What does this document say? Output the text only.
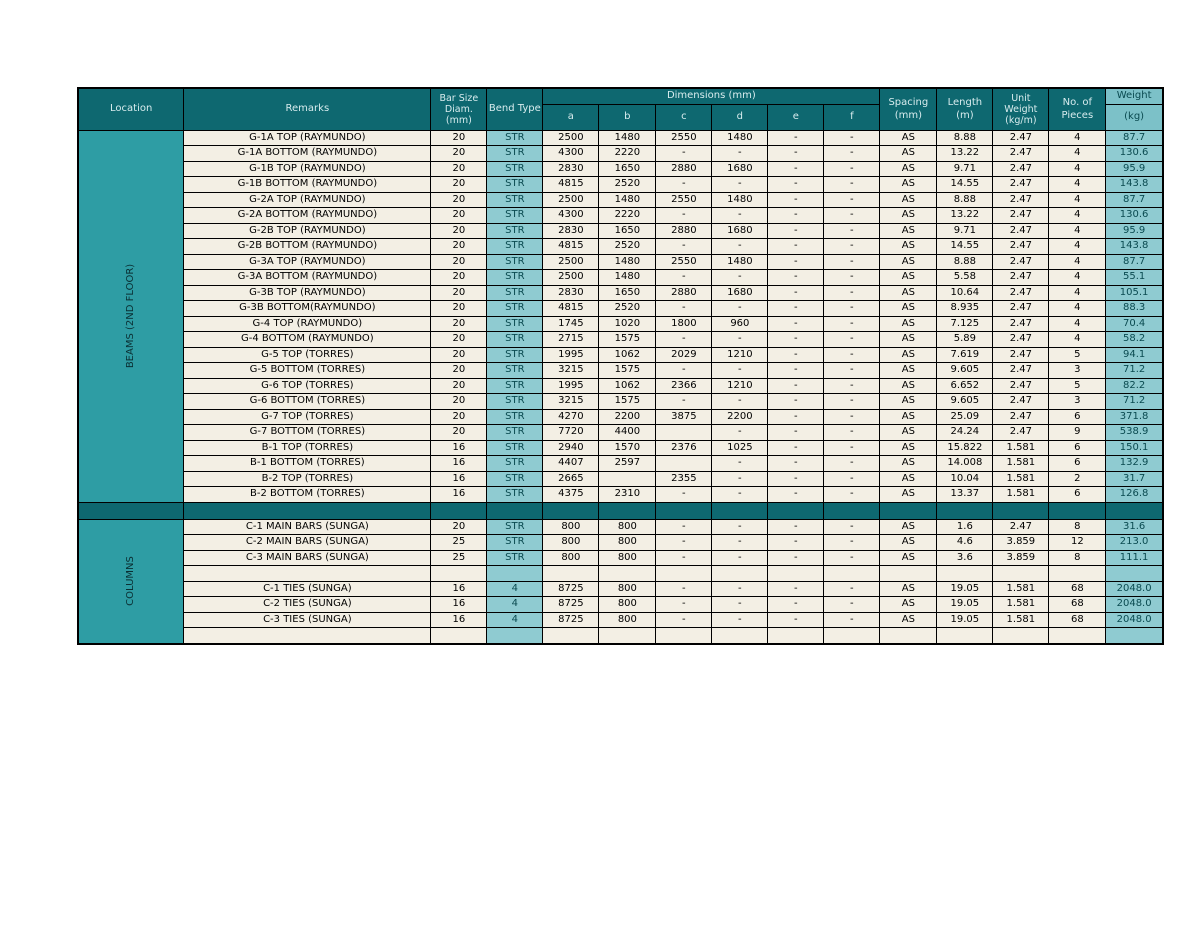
Location	Remarks	Bar Size Diam. (mm)	Bend Type	Dimensions (mm)						Spacing (mm)	Length (m)	Unit Weight (kg/m)	No. of Pieces	Weight
				a	b	c	d	e	f					(kg)
BEAMS (2ND FLOOR)	G-1A TOP (RAYMUNDO)	20	STR	2500	1480	2550	1480	-	-	AS	8.88	2.47	4	87.7
	G-1A BOTTOM (RAYMUNDO)	20	STR	4300	2220	-	-	-	-	AS	13.22	2.47	4	130.6
	G-1B TOP (RAYMUNDO)	20	STR	2830	1650	2880	1680	-	-	AS	9.71	2.47	4	95.9
	G-1B BOTTOM (RAYMUNDO)	20	STR	4815	2520	-	-	-	-	AS	14.55	2.47	4	143.8
	G-2A TOP (RAYMUNDO)	20	STR	2500	1480	2550	1480	-	-	AS	8.88	2.47	4	87.7
	G-2A BOTTOM (RAYMUNDO)	20	STR	4300	2220	-	-	-	-	AS	13.22	2.47	4	130.6
	G-2B TOP (RAYMUNDO)	20	STR	2830	1650	2880	1680	-	-	AS	9.71	2.47	4	95.9
	G-2B BOTTOM (RAYMUNDO)	20	STR	4815	2520	-	-	-	-	AS	14.55	2.47	4	143.8
	G-3A TOP (RAYMUNDO)	20	STR	2500	1480	2550	1480	-	-	AS	8.88	2.47	4	87.7
	G-3A BOTTOM (RAYMUNDO)	20	STR	2500	1480	-	-	-	-	AS	5.58	2.47	4	55.1
	G-3B TOP (RAYMUNDO)	20	STR	2830	1650	2880	1680	-	-	AS	10.64	2.47	4	105.1
	G-3B BOTTOM(RAYMUNDO)	20	STR	4815	2520	-	-	-	-	AS	8.935	2.47	4	88.3
	G-4 TOP (RAYMUNDO)	20	STR	1745	1020	1800	960	-	-	AS	7.125	2.47	4	70.4
	G-4 BOTTOM (RAYMUNDO)	20	STR	2715	1575	-	-	-	-	AS	5.89	2.47	4	58.2
	G-5 TOP (TORRES)	20	STR	1995	1062	2029	1210	-	-	AS	7.619	2.47	5	94.1
	G-5 BOTTOM (TORRES)	20	STR	3215	1575	-	-	-	-	AS	9.605	2.47	3	71.2
	G-6 TOP (TORRES)	20	STR	1995	1062	2366	1210	-	-	AS	6.652	2.47	5	82.2
	G-6 BOTTOM (TORRES)	20	STR	3215	1575	-	-	-	-	AS	9.605	2.47	3	71.2
	G-7 TOP (TORRES)	20	STR	4270	2200	3875	2200	-	-	AS	25.09	2.47	6	371.8
	G-7 BOTTOM (TORRES)	20	STR	7720	4400		-	-	-	AS	24.24	2.47	9	538.9
	B-1 TOP (TORRES)	16	STR	2940	1570	2376	1025	-	-	AS	15.822	1.581	6	150.1
	B-1 BOTTOM (TORRES)	16	STR	4407	2597		-	-	-	AS	14.008	1.581	6	132.9
	B-2 TOP (TORRES)	16	STR	2665		2355	-	-	-	AS	10.04	1.581	2	31.7
	B-2 BOTTOM (TORRES)	16	STR	4375	2310	-	-	-	-	AS	13.37	1.581	6	126.8

COLUMNS	C-1 MAIN BARS (SUNGA)	20	STR	800	800	-	-	-	-	AS	1.6	2.47	8	31.6
	C-2 MAIN BARS (SUNGA)	25	STR	800	800	-	-	-	-	AS	4.6	3.859	12	213.0
	C-3 MAIN BARS (SUNGA)	25	STR	800	800	-	-	-	-	AS	3.6	3.859	8	111.1

	C-1 TIES (SUNGA)	16	4	8725	800	-	-	-	-	AS	19.05	1.581	68	2048.0
	C-2 TIES (SUNGA)	16	4	8725	800	-	-	-	-	AS	19.05	1.581	68	2048.0
	C-3 TIES (SUNGA)	16	4	8725	800	-	-	-	-	AS	19.05	1.581	68	2048.0
